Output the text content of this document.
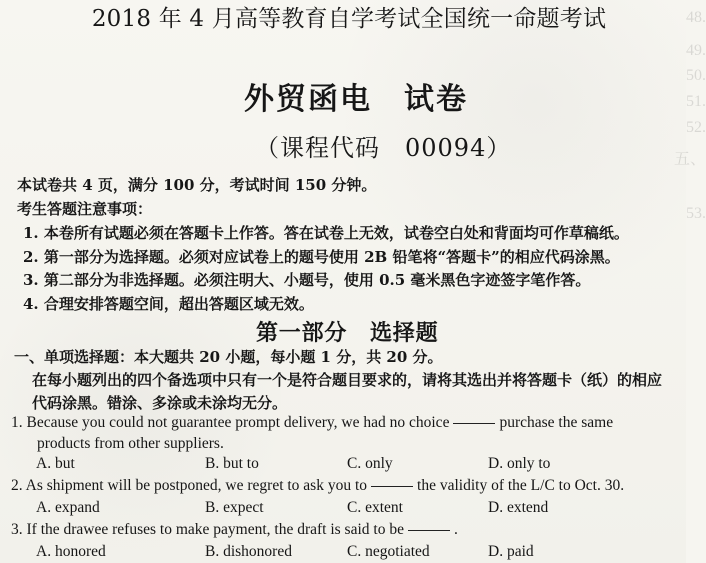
48.
49.
50.
51.
52.
五、
53.
2018 年 4 月高等教育自学考试全国统一命题考试
外贸函电　试卷
（课程代码　00094）
本试卷共 4 页，满分 100 分，考试时间 150 分钟。
考生答题注意事项：
1. 本卷所有试题必须在答题卡上作答。答在试卷上无效，试卷空白处和背面均可作草稿纸。
2. 第一部分为选择题。必须对应试卷上的题号使用 2B 铅笔将“答题卡”的相应代码涂黑。
3. 第二部分为非选择题。必须注明大、小题号，使用 0.5 毫米黑色字迹签字笔作答。
4. 合理安排答题空间，超出答题区域无效。
第一部分　选择题
一、单项选择题：本大题共 20 小题，每小题 1 分，共 20 分。
在每小题列出的四个备选项中只有一个是符合题目要求的，请将其选出并将答题卡（纸）的相应代码涂黑。错涂、多涂或未涂均无分。
1. Because you could not guarantee prompt delivery, we had no choice	purchase the same
products from other suppliers.
A. but	B. but to	C. only	D. only to
2. As shipment will be postponed, we regret to ask you to	the validity of the L/C to Oct. 30.
A. expand	B. expect	C. extent	D. extend
3. If the drawee refuses to make payment, the draft is said to be	.
A. honored	B. dishonored	C. negotiated	D. paid
